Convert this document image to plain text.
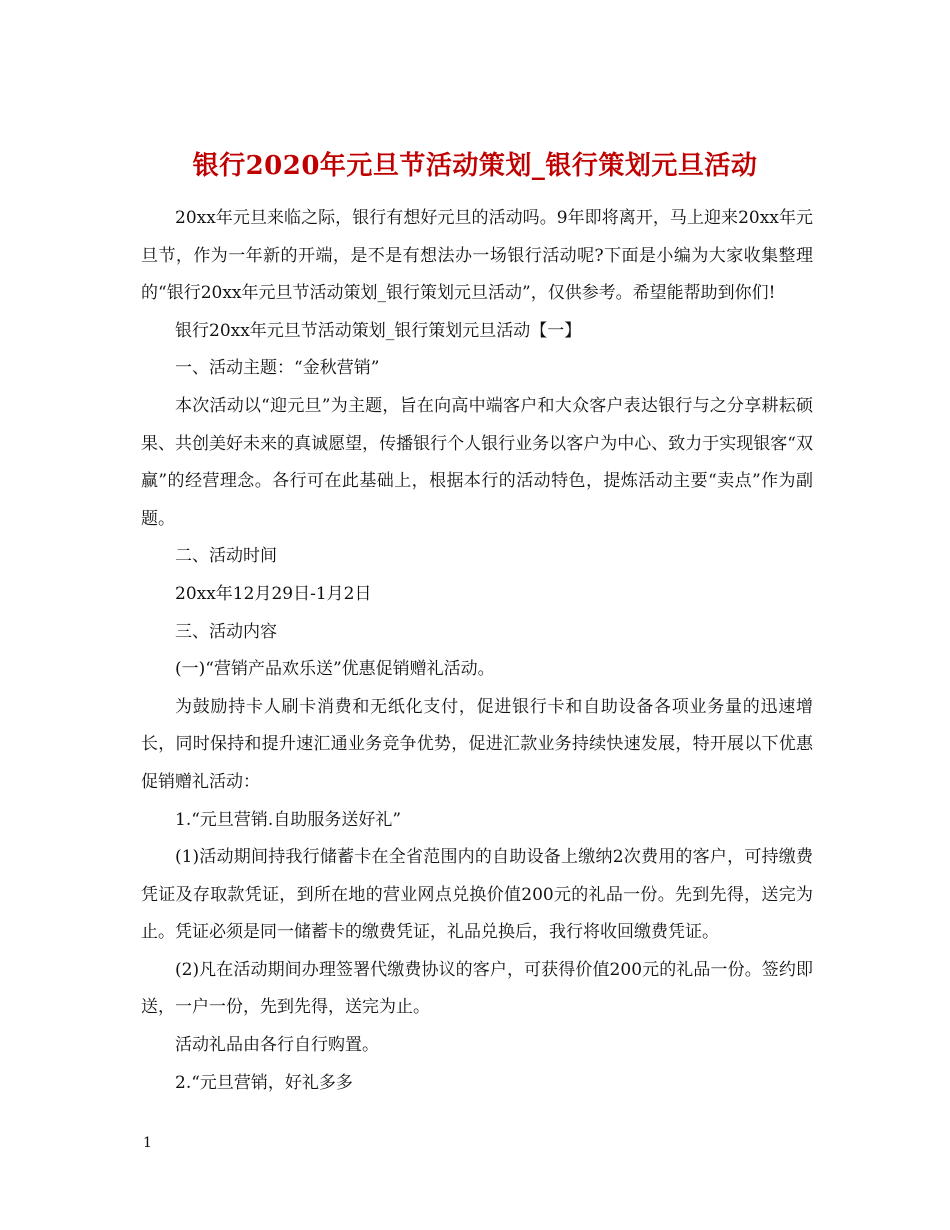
银行2020年元旦节活动策划_银行策划元旦活动

20xx年元旦来临之际，银行有想好元旦的活动吗。9年即将离开，马上迎来20xx年元旦节，作为一年新的开端，是不是有想法办一场银行活动呢?下面是小编为大家收集整理的“银行20xx年元旦节活动策划_银行策划元旦活动”，仅供参考。希望能帮助到你们!

银行20xx年元旦节活动策划_银行策划元旦活动【一】

一、活动主题：“金秋营销”

本次活动以“迎元旦”为主题，旨在向高中端客户和大众客户表达银行与之分享耕耘硕果、共创美好未来的真诚愿望，传播银行个人银行业务以客户为中心、致力于实现银客“双赢”的经营理念。各行可在此基础上，根据本行的活动特色，提炼活动主要“卖点”作为副题。

二、活动时间

20xx年12月29日-1月2日

三、活动内容

(一)“营销产品欢乐送”优惠促销赠礼活动。

为鼓励持卡人刷卡消费和无纸化支付，促进银行卡和自助设备各项业务量的迅速增长，同时保持和提升速汇通业务竞争优势，促进汇款业务持续快速发展，特开展以下优惠促销赠礼活动：

1.“元旦营销.自助服务送好礼”

(1)活动期间持我行储蓄卡在全省范围内的自助设备上缴纳2次费用的客户，可持缴费凭证及存取款凭证，到所在地的营业网点兑换价值200元的礼品一份。先到先得，送完为止。凭证必须是同一储蓄卡的缴费凭证，礼品兑换后，我行将收回缴费凭证。

(2)凡在活动期间办理签署代缴费协议的客户，可获得价值200元的礼品一份。签约即送，一户一份，先到先得，送完为止。

活动礼品由各行自行购置。

2.“元旦营销，好礼多多

1
